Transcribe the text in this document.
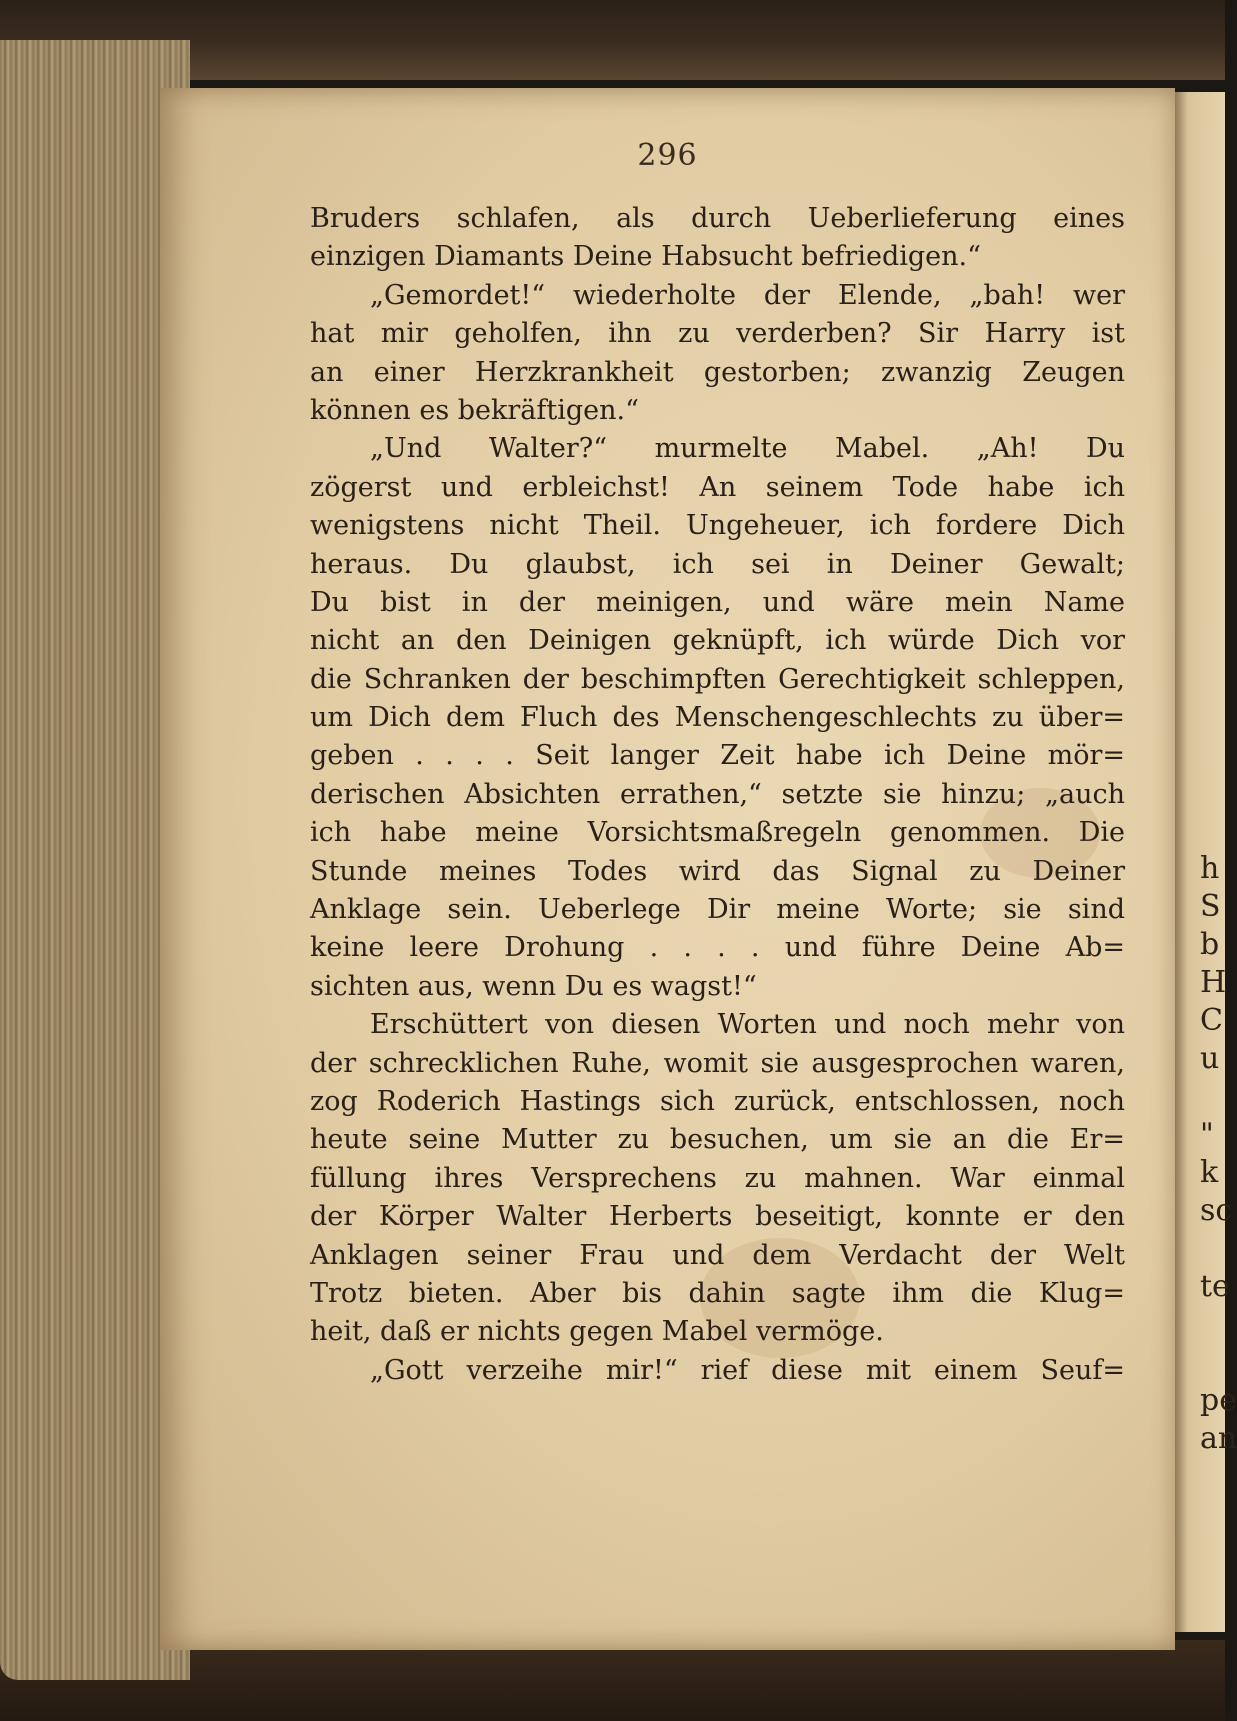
h
S
b
H
C
u

"
k
sc

te

pe
an
296
Bruders schlafen, als durch Ueberlieferung eines
einzigen Diamants Deine Habsucht befriedigen.“
„Gemordet!“ wiederholte der Elende, „bah! wer
hat mir geholfen, ihn zu verderben? Sir Harry ist
an einer Herzkrankheit gestorben; zwanzig Zeugen
können es bekräftigen.“
„Und Walter?“ murmelte Mabel. „Ah! Du
zögerst und erbleichst! An seinem Tode habe ich
wenigstens nicht Theil. Ungeheuer, ich fordere Dich
heraus. Du glaubst, ich sei in Deiner Gewalt;
Du bist in der meinigen, und wäre mein Name
nicht an den Deinigen geknüpft, ich würde Dich vor
die Schranken der beschimpften Gerechtigkeit schleppen,
um Dich dem Fluch des Menschengeschlechts zu über=
geben . . . . Seit langer Zeit habe ich Deine mör=
derischen Absichten errathen,“ setzte sie hinzu; „auch
ich habe meine Vorsichtsmaßregeln genommen. Die
Stunde meines Todes wird das Signal zu Deiner
Anklage sein. Ueberlege Dir meine Worte; sie sind
keine leere Drohung . . . . und führe Deine Ab=
sichten aus, wenn Du es wagst!“
Erschüttert von diesen Worten und noch mehr von
der schrecklichen Ruhe, womit sie ausgesprochen waren,
zog Roderich Hastings sich zurück, entschlossen, noch
heute seine Mutter zu besuchen, um sie an die Er=
füllung ihres Versprechens zu mahnen. War einmal
der Körper Walter Herberts beseitigt, konnte er den
Anklagen seiner Frau und dem Verdacht der Welt
Trotz bieten. Aber bis dahin sagte ihm die Klug=
heit, daß er nichts gegen Mabel vermöge.
„Gott verzeihe mir!“ rief diese mit einem Seuf=
